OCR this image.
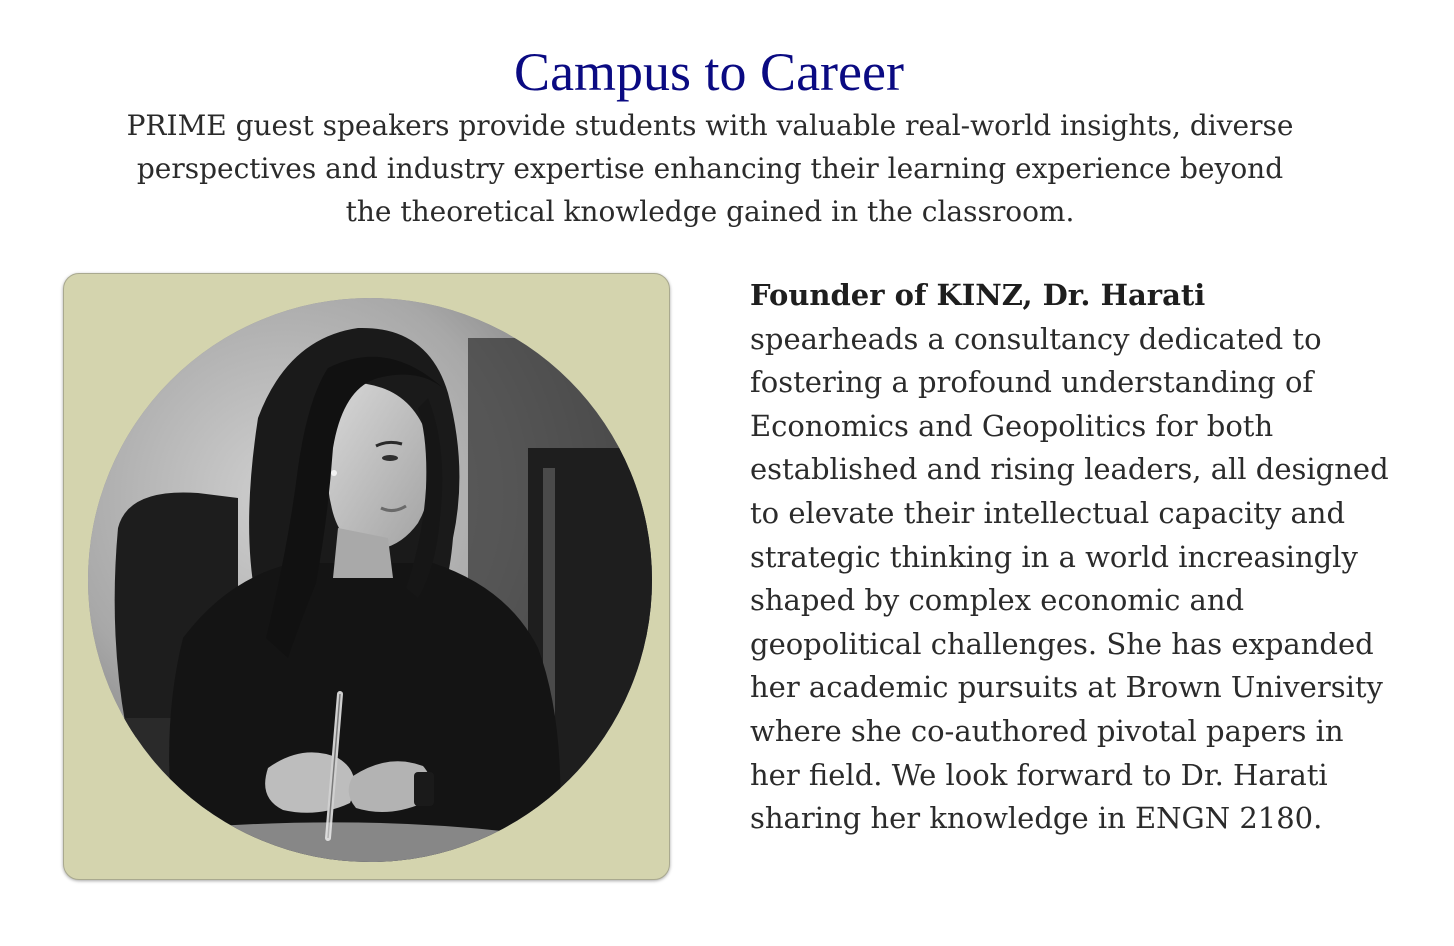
Campus to Career

PRIME guest speakers provide students with valuable real-world insights, diverse perspectives and industry expertise enhancing their learning experience beyond the theoretical knowledge gained in the classroom.

Founder of KINZ, Dr. Harati
spearheads a consultancy dedicated to
fostering a profound understanding of
Economics and Geopolitics for both
established and rising leaders, all designed
to elevate their intellectual capacity and
strategic thinking in a world increasingly
shaped by complex economic and
geopolitical challenges. She has expanded
her academic pursuits at Brown University
where she co-authored pivotal papers in
her field. We look forward to Dr. Harati
sharing her knowledge in ENGN 2180.
